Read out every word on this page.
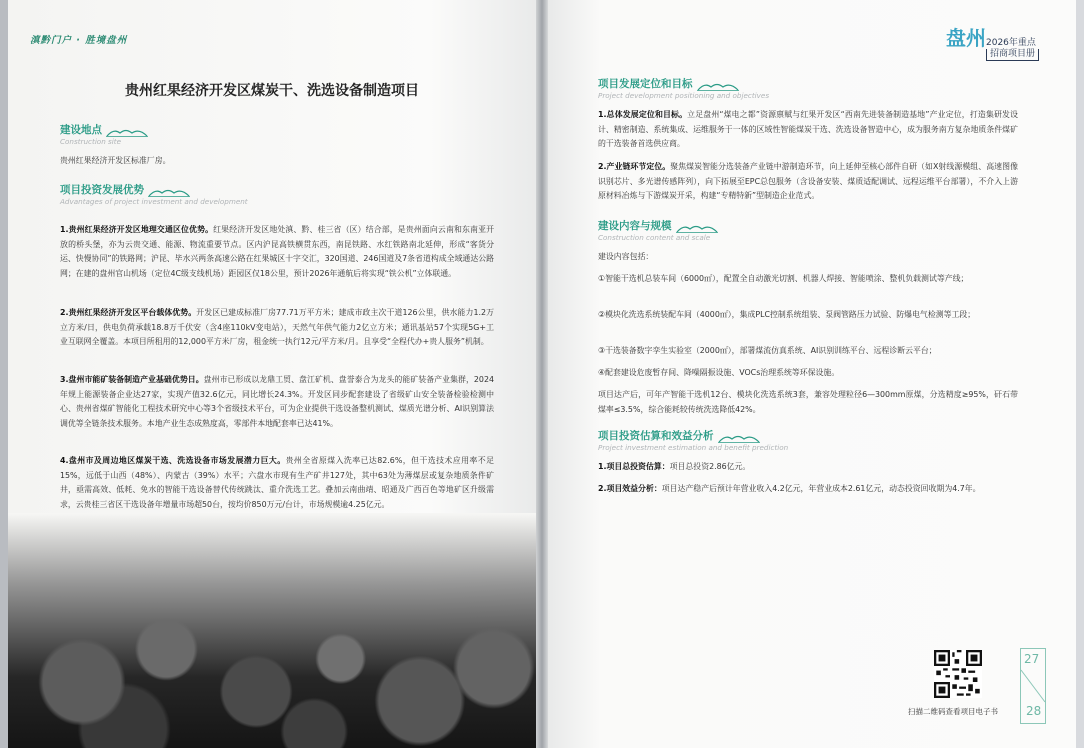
滇黔门户 · 胜境盘州
贵州红果经济开发区煤炭干、洗选设备制造项目
建设地点
Construction site
贵州红果经济开发区标准厂房。
项目投资发展优势
Advantages of project investment and development
1.贵州红果经济开发区地理交通区位优势。红果经济开发区地处滇、黔、桂三省（区）结合部，是贵州面向云南和东南亚开放的桥头堡，亦为云贵交通、能源、物流重要节点。区内沪昆高铁横贯东西，南昆铁路、水红铁路南北延伸，形成“客货分运、快慢协同”的铁路网；沪昆、毕水兴两条高速公路在红果城区十字交汇，320国道、246国道及7条省道构成全域通达公路网；在建的盘州官山机场（定位4C级支线机场）距园区仅18公里，预计2026年通航后将实现“铁公机”立体联通。
2.贵州红果经济开发区平台载体优势。开发区已建成标准厂房77.71万平方米；建成市政主次干道126公里，供水能力1.2万立方米/日，供电负荷承载18.8万千伏安（含4座110kV变电站），天然气年供气能力2亿立方米；通讯基站57个实现5G+工业互联网全覆盖。本项目所租用的12,000平方米厂房，租金统一执行12元/平方米/月。且享受“全程代办+贵人服务”机制。
3.盘州市能矿装备制造产业基础优势日。盘州市已形成以龙鼎工贸、盘江矿机、盘誉泰合为龙头的能矿装备产业集群，2024年规上能源装备企业达27家，实现产值32.6亿元，同比增长24.3%。开发区同步配套建设了省级矿山安全装备检验检测中心、贵州省煤矿智能化工程技术研究中心等3个省级技术平台，可为企业提供干选设备整机测试、煤质光谱分析、AI识别算法调优等全链条技术服务。本地产业生态成熟度高，零部件本地配套率已达41%。
4.盘州市及周边地区煤炭干选、洗选设备市场发展潜力巨大。贵州全省原煤入洗率已达82.6%，但干选技术应用率不足15%，远低于山西（48%）、内蒙古（39%）水平；六盘水市现有生产矿井127处，其中63处为薄煤层或复杂地质条件矿井，亟需高效、低耗、免水的智能干选设备替代传统跳汰、重介洗选工艺。叠加云南曲靖、昭通及广西百色等地矿区升级需求，云贵桂三省区干选设备年增量市场超50台，按均价850万元/台计，市场规模逾4.25亿元。
盘州 2026年重点
招商项目册
项目发展定位和目标
Project development positioning and objectives
1.总体发展定位和目标。立足盘州“煤电之都”资源禀赋与红果开发区“西南先进装备制造基地”产业定位，打造集研发设计、精密制造、系统集成、运维服务于一体的区域性智能煤炭干选、洗选设备智造中心，成为服务南方复杂地质条件煤矿的干选装备首选供应商。
2.产业链环节定位。聚焦煤炭智能分选装备产业链中游制造环节，向上延伸至核心部件自研（如X射线源模组、高速图像识别芯片、多光谱传感阵列），向下拓展至EPC总包服务（含设备安装、煤质适配调试、远程运维平台部署），不介入上游原材料冶炼与下游煤炭开采，构建“专精特新”型制造企业范式。
建设内容与规模
Construction content and scale
建设内容包括：
①智能干选机总装车间（6000㎡），配置全自动激光切割、机器人焊接、智能喷涂、整机负载测试等产线；
②模块化洗选系统装配车间（4000㎡），集成PLC控制系统组装、泵阀管路压力试验、防爆电气检测等工段；
③干选装备数字孪生实验室（2000㎡），部署煤流仿真系统、AI识别训练平台、远程诊断云平台；
④配套建设危废暂存间、降噪隔振设施、VOCs治理系统等环保设施。
项目达产后，可年产智能干选机12台、模块化洗选系统3套，兼容处理粒径6—300mm原煤，分选精度≥95%，矸石带煤率≤3.5%，综合能耗较传统洗选降低42%。
项目投资估算和效益分析
Project investment estimation and benefit prediction
1.项目总投资估算：项目总投资2.86亿元。
2.项目效益分析：项目达产稳产后预计年营业收入4.2亿元，年营业成本2.61亿元，动态投资回收期为4.7年。
扫描二维码查看项目电子书
27
28
